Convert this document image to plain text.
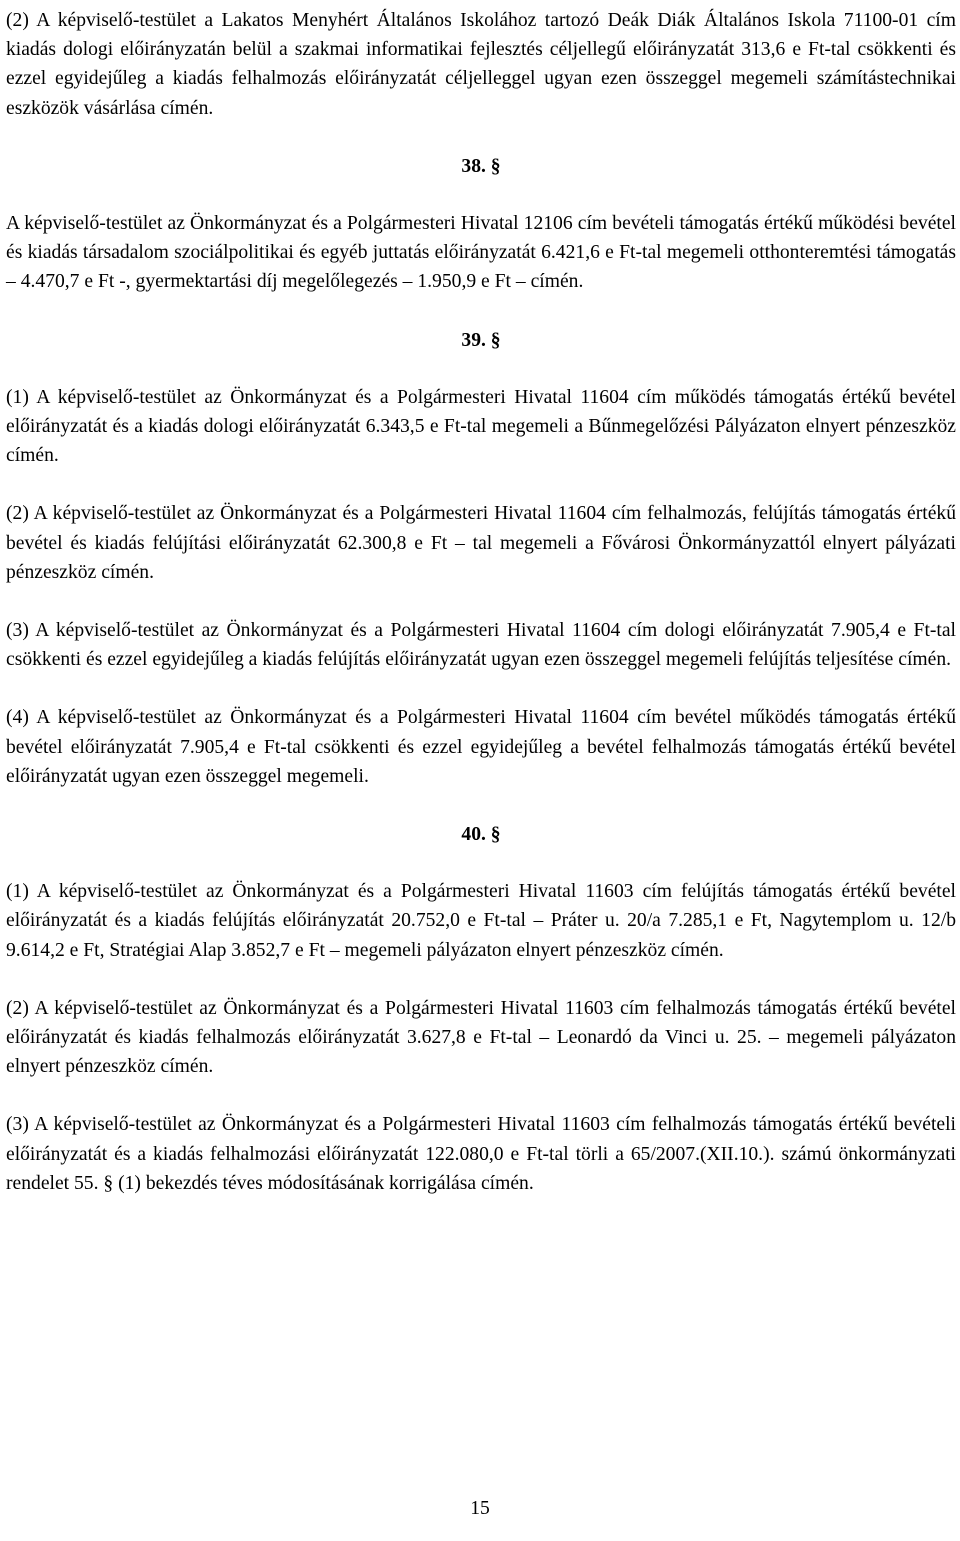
(2) A képviselő-testület a Lakatos Menyhért Általános Iskolához tartozó Deák Diák Általános Iskola 71100-01 cím kiadás dologi előirányzatán belül a szakmai informatikai fejlesztés céljellegű előirányzatát 313,6 e Ft-tal csökkenti és ezzel egyidejűleg a kiadás felhalmozás előirányzatát céljelleggel ugyan ezen összeggel megemeli számítástechnikai eszközök vásárlása címén.

38. §

A képviselő-testület az Önkormányzat és a Polgármesteri Hivatal 12106 cím bevételi támogatás értékű működési bevétel és kiadás társadalom szociálpolitikai és egyéb juttatás előirányzatát 6.421,6 e Ft-tal megemeli otthonteremtési támogatás – 4.470,7 e Ft -, gyermektartási díj megelőlegezés – 1.950,9 e Ft – címén.

39. §

(1) A képviselő-testület az Önkormányzat és a Polgármesteri Hivatal 11604 cím működés támogatás értékű bevétel előirányzatát és a kiadás dologi előirányzatát 6.343,5 e Ft-tal megemeli a Bűnmegelőzési Pályázaton elnyert pénzeszköz címén.

(2) A képviselő-testület az Önkormányzat és a Polgármesteri Hivatal 11604 cím felhalmozás, felújítás támogatás értékű bevétel és kiadás felújítási előirányzatát 62.300,8 e Ft – tal megemeli a Fővárosi Önkormányzattól elnyert pályázati pénzeszköz címén.

(3) A képviselő-testület az Önkormányzat és a Polgármesteri Hivatal 11604 cím dologi előirányzatát 7.905,4 e Ft-tal csökkenti és ezzel egyidejűleg a kiadás felújítás előirányzatát ugyan ezen összeggel megemeli felújítás teljesítése címén.

(4) A képviselő-testület az Önkormányzat és a Polgármesteri Hivatal 11604 cím bevétel működés támogatás értékű bevétel előirányzatát 7.905,4 e Ft-tal csökkenti és ezzel egyidejűleg a bevétel felhalmozás támogatás értékű bevétel előirányzatát ugyan ezen összeggel megemeli.

40. §

(1) A képviselő-testület az Önkormányzat és a Polgármesteri Hivatal 11603 cím felújítás támogatás értékű bevétel előirányzatát és a kiadás felújítás előirányzatát 20.752,0 e Ft-tal – Práter u. 20/a 7.285,1 e Ft, Nagytemplom u. 12/b 9.614,2 e Ft, Stratégiai Alap 3.852,7 e Ft – megemeli pályázaton elnyert pénzeszköz címén.

(2) A képviselő-testület az Önkormányzat és a Polgármesteri Hivatal 11603 cím felhalmozás támogatás értékű bevétel előirányzatát és kiadás felhalmozás előirányzatát 3.627,8 e Ft-tal – Leonardó da Vinci u. 25. – megemeli pályázaton elnyert pénzeszköz címén.

(3) A képviselő-testület az Önkormányzat és a Polgármesteri Hivatal 11603 cím felhalmozás támogatás értékű bevételi előirányzatát és a kiadás felhalmozási előirányzatát 122.080,0 e Ft-tal törli a 65/2007.(XII.10.). számú önkormányzati rendelet 55. § (1) bekezdés téves módosításának korrigálása címén.

15
